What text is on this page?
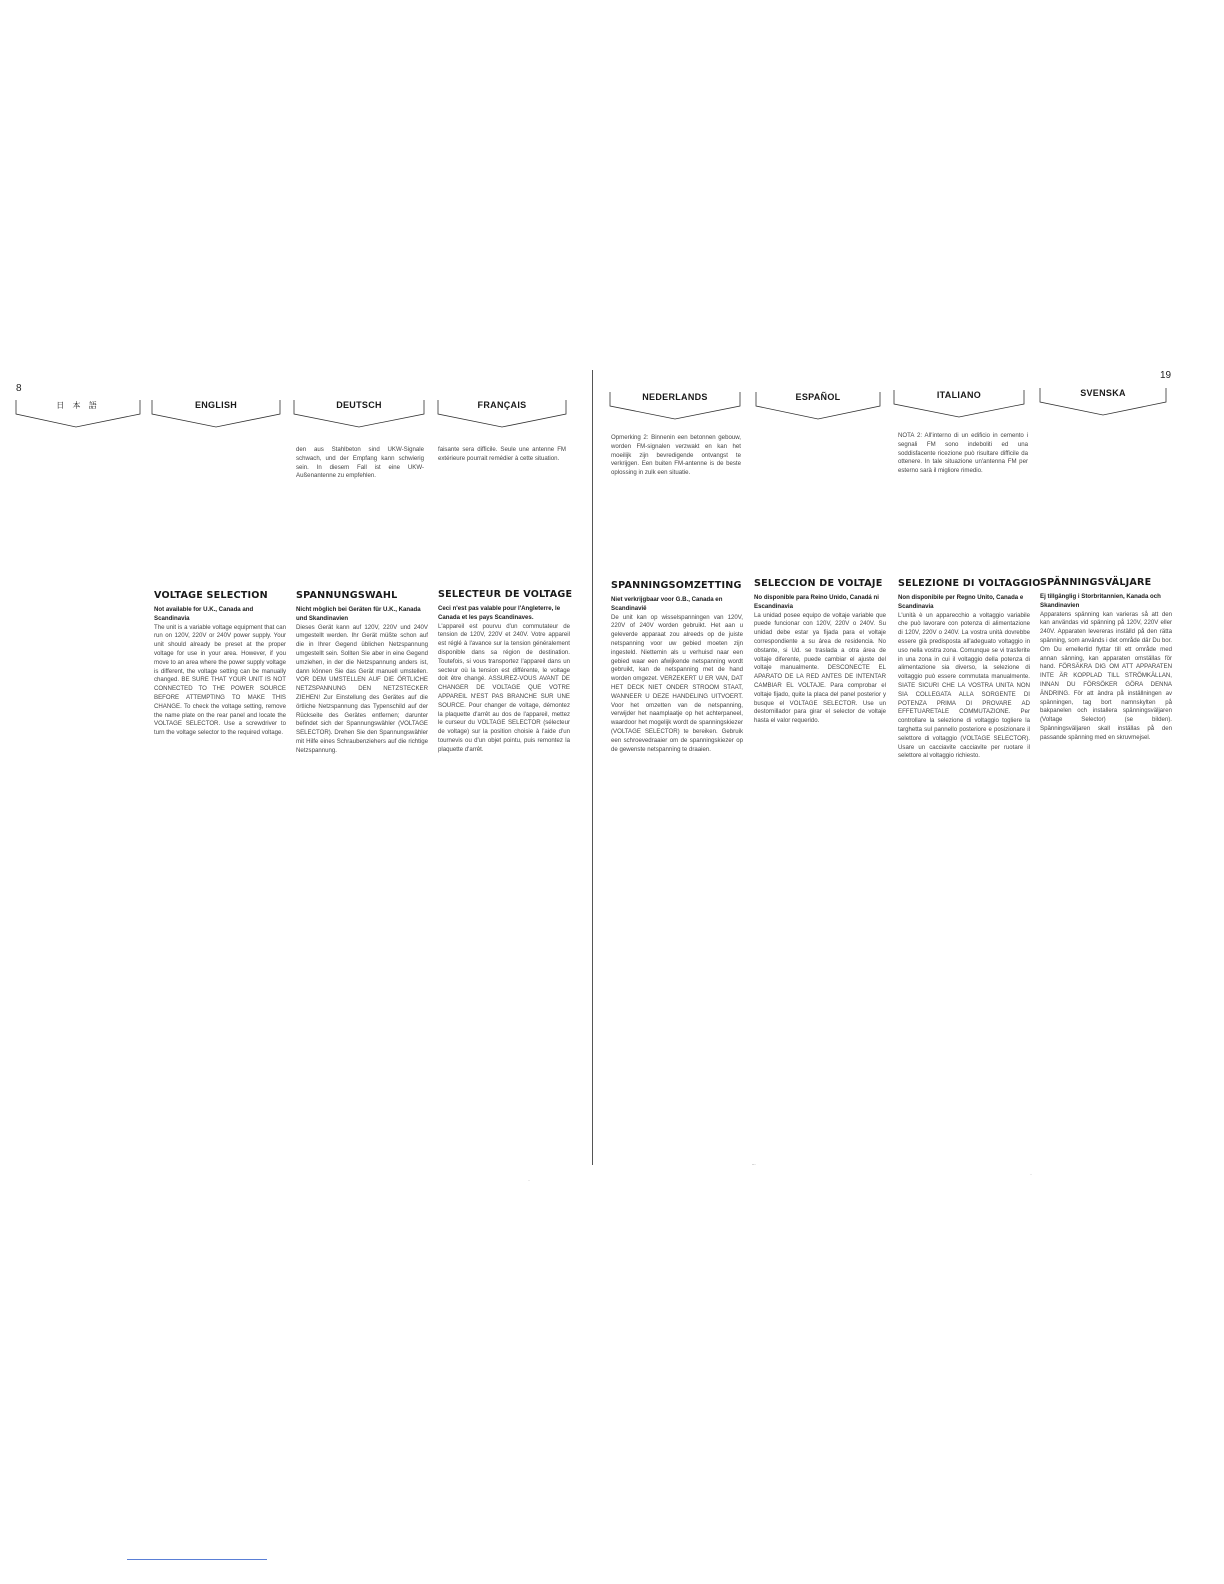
8
19
日 本 語	ENGLISH	DEUTSCH	FRANÇAIS
NEDERLANDS	ESPAÑOL	ITALIANO	SVENSKA

den aus Stahlbeton sind UKW-Signale schwach, und der Empfang kann schwierig sein. In diesem Fall ist eine UKW-Außenantenne zu empfehlen.

faisante sera difficile. Seule une antenne FM extérieure pourrait remédier à cette situation.

Opmerking 2: Binnenin een betonnen gebouw, worden FM-signalen verzwakt en kan het moeilijk zijn bevredigende ontvangst te verkrijgen. Een buiten FM-antenne is de beste oplossing in zulk een situatie.

NOTA 2: All'interno di un edificio in cemento i segnali FM sono indeboliti ed una soddisfacente ricezione può risultare difficile da ottenere. In tale situazione un'antenna FM per esterno sarà il migliore rimedio.

VOLTAGE SELECTION

Not available for U.K., Canada and Scandinavia

The unit is a variable voltage equipment that can run on 120V, 220V or 240V power supply. Your unit should already be preset at the proper voltage for use in your area. However, if you move to an area where the power supply voltage is different, the voltage setting can be manually changed. BE SURE THAT YOUR UNIT IS NOT CONNECTED TO THE POWER SOURCE BEFORE ATTEMPTING TO MAKE THIS CHANGE. To check the voltage setting, remove the name plate on the rear panel and locate the VOLTAGE SELECTOR. Use a screwdriver to turn the voltage selector to the required voltage.

SPANNUNGSWAHL

Nicht möglich bei Geräten für U.K., Kanada und Skandinavien

Dieses Gerät kann auf 120V, 220V und 240V umgestellt werden. Ihr Gerät müßte schon auf die in Ihrer Gegend üblichen Netzspannung umgestellt sein. Sollten Sie aber in eine Gegend umziehen, in der die Netzspannung anders ist, dann können Sie das Gerät manuell umstellen. VOR DEM UMSTELLEN AUF DIE ÖRTLICHE NETZSPANNUNG DEN NETZSTECKER ZIEHEN! Zur Einstellung des Gerätes auf die örtliche Netzspannung das Typenschild auf der Rückseite des Gerätes entfernen; darunter befindet sich der Spannungswähler (VOLTAGE SELECTOR). Drehen Sie den Spannungswähler mit Hilfe eines Schraubenziehers auf die richtige Netzspannung.

SELECTEUR DE VOLTAGE

Ceci n'est pas valable pour l'Angleterre, le Canada et les pays Scandinaves.

L'appareil est pourvu d'un commutateur de tension de 120V, 220V et 240V. Votre appareil est réglé à l'avance sur la tension généralement disponible dans sa région de destination. Toutefois, si vous transportez l'appareil dans un secteur où la tension est différente, le voltage doit être changé. ASSUREZ-VOUS AVANT DE CHANGER DE VOLTAGE QUE VOTRE APPAREIL N'EST PAS BRANCHE SUR UNE SOURCE. Pour changer de voltage, démontez la plaquette d'arrêt au dos de l'appareil, mettez le curseur du VOLTAGE SELECTOR (sélecteur de voltage) sur la position choisie à l'aide d'un tournevis ou d'un objet pointu, puis remontez la plaquette d'arrêt.

SPANNINGSOMZETTING

Niet verkrijgbaar voor G.B., Canada en Scandinavië

De unit kan op wisselspanningen van 120V, 220V of 240V worden gebruikt. Het aan u geleverde apparaat zou alreeds op de juiste netspanning voor uw gebied moeten zijn ingesteld. Niettemin als u verhuisd naar een gebied waar een afwijkende netspanning wordt gebruikt, kan de netspanning met de hand worden omgezet. VERZEKERT U ER VAN, DAT HET DECK NIET ONDER STROOM STAAT, WANNEER U DEZE HANDELING UITVOERT. Voor het omzetten van de netspanning, verwijder het naamplaatje op het achterpaneel, waardoor het mogelijk wordt de spanningskiezer (VOLTAGE SELECTOR) te bereiken. Gebruik een schroevedraaier om de spanningskiezer op de gewenste netspanning te draaien.

SELECCION DE VOLTAJE

No disponible para Reino Unido, Canadá ni Escandinavia

La unidad posee equipo de voltaje variable que puede funcionar con 120V, 220V o 240V. Su unidad debe estar ya fijada para el voltaje correspondiente a su área de residencia. No obstante, si Ud. se traslada a otra área de voltaje diferente, puede cambiar el ajuste del voltaje manualmente. DESCONECTE EL APARATO DE LA RED ANTES DE INTENTAR CAMBIAR EL VOLTAJE. Para comprobar el voltaje fijado, quite la placa del panel posterior y busque el VOLTAGE SELECTOR. Use un destornillador para girar el selector de voltaje hasta el valor requerido.

SELEZIONE DI VOLTAGGIO

Non disponibile per Regno Unito, Canada e Scandinavia

L'unità è un apparecchio a voltaggio variabile che può lavorare con potenza di alimentazione di 120V, 220V o 240V. La vostra unità dovrebbe essere già predisposta all'adeguato voltaggio in uso nella vostra zona. Comunque se vi trasferite in una zona in cui il voltaggio della potenza di alimentazione sia diverso, la selezione di voltaggio può essere commutata manualmente. SIATE SICURI CHE LA VOSTRA UNITA NON SIA COLLEGATA ALLA SORGENTE DI POTENZA PRIMA DI PROVARE AD EFFETUARETALE COMMUTAZIONE. Per controllare la selezione di voltaggio togliere la targhetta sul pannello posteriore e posizionare il selettore di voltaggio (VOLTAGE SELECTOR). Usare un cacciavite cacciavite per ruotare il selettore al voltaggio richiesto.

SPÄNNINGSVÄLJARE

Ej tillgänglig i Storbritannien, Kanada och Skandinavien

Apparatens spänning kan varieras så att den kan användas vid spänning på 120V, 220V eller 240V. Apparaten levereras inställd på den rätta spänning, som används i det område där Du bor. Om Du emellertid flyttar till ett område med annan sänning, kan apparaten omställas för hand. FÖRSÄKRA DIG OM ATT APPARATEN INTE ÄR KOPPLAD TILL STRÖMKÄLLAN, INNAN DU FÖRSÖKER GÖRA DENNA ÄNDRING. För att ändra på inställningen av spänningen, tag bort namnskylten på bakpanelen och installera spänningsväljaren (Voltage Selector) (se bilden). Spänningsväljaren skall inställas på den passande spänning med en skruvmejsel.

·
-·
·
